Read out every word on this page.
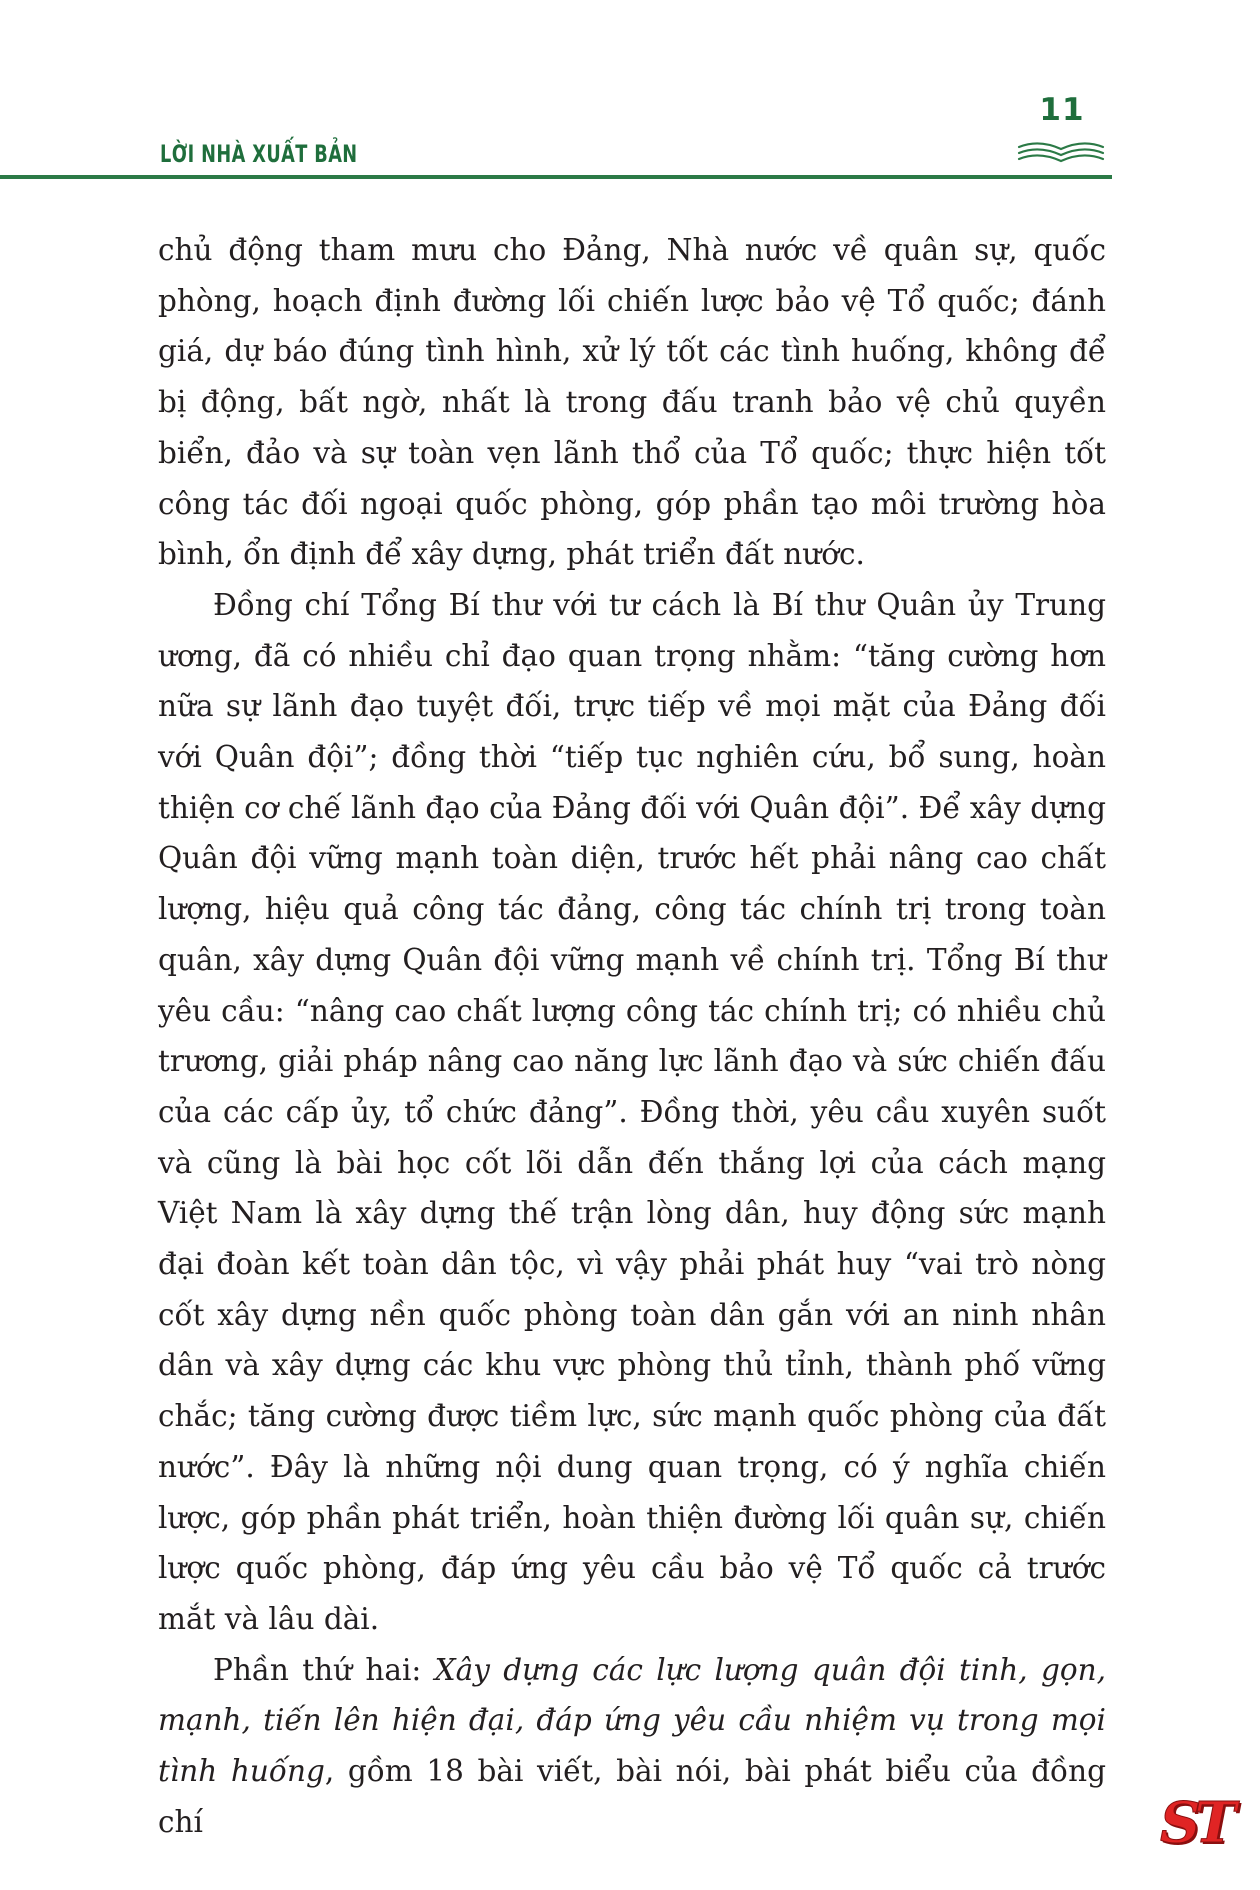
11
LỜI NHÀ XUẤT BẢN

chủ động tham mưu cho Đảng, Nhà nước về quân sự, quốc phòng, hoạch định đường lối chiến lược bảo vệ Tổ quốc; đánh giá, dự báo đúng tình hình, xử lý tốt các tình huống, không để bị động, bất ngờ, nhất là trong đấu tranh bảo vệ chủ quyền biển, đảo và sự toàn vẹn lãnh thổ của Tổ quốc; thực hiện tốt công tác đối ngoại quốc phòng, góp phần tạo môi trường hòa bình, ổn định để xây dựng, phát triển đất nước.

Đồng chí Tổng Bí thư với tư cách là Bí thư Quân ủy Trung ương, đã có nhiều chỉ đạo quan trọng nhằm: “tăng cường hơn nữa sự lãnh đạo tuyệt đối, trực tiếp về mọi mặt của Đảng đối với Quân đội”; đồng thời “tiếp tục nghiên cứu, bổ sung, hoàn thiện cơ chế lãnh đạo của Đảng đối với Quân đội”. Để xây dựng Quân đội vững mạnh toàn diện, trước hết phải nâng cao chất lượng, hiệu quả công tác đảng, công tác chính trị trong toàn quân, xây dựng Quân đội vững mạnh về chính trị. Tổng Bí thư yêu cầu: “nâng cao chất lượng công tác chính trị; có nhiều chủ trương, giải pháp nâng cao năng lực lãnh đạo và sức chiến đấu của các cấp ủy, tổ chức đảng”. Đồng thời, yêu cầu xuyên suốt và cũng là bài học cốt lõi dẫn đến thắng lợi của cách mạng Việt Nam là xây dựng thế trận lòng dân, huy động sức mạnh đại đoàn kết toàn dân tộc, vì vậy phải phát huy “vai trò nòng cốt xây dựng nền quốc phòng toàn dân gắn với an ninh nhân dân và xây dựng các khu vực phòng thủ tỉnh, thành phố vững chắc; tăng cường được tiềm lực, sức mạnh quốc phòng của đất nước”. Đây là những nội dung quan trọng, có ý nghĩa chiến lược, góp phần phát triển, hoàn thiện đường lối quân sự, chiến lược quốc phòng, đáp ứng yêu cầu bảo vệ Tổ quốc cả trước mắt và lâu dài.

Phần thứ hai: Xây dựng các lực lượng quân đội tinh, gọn, mạnh, tiến lên hiện đại, đáp ứng yêu cầu nhiệm vụ trong mọi tình huống, gồm 18 bài viết, bài nói, bài phát biểu của đồng chí	ST
